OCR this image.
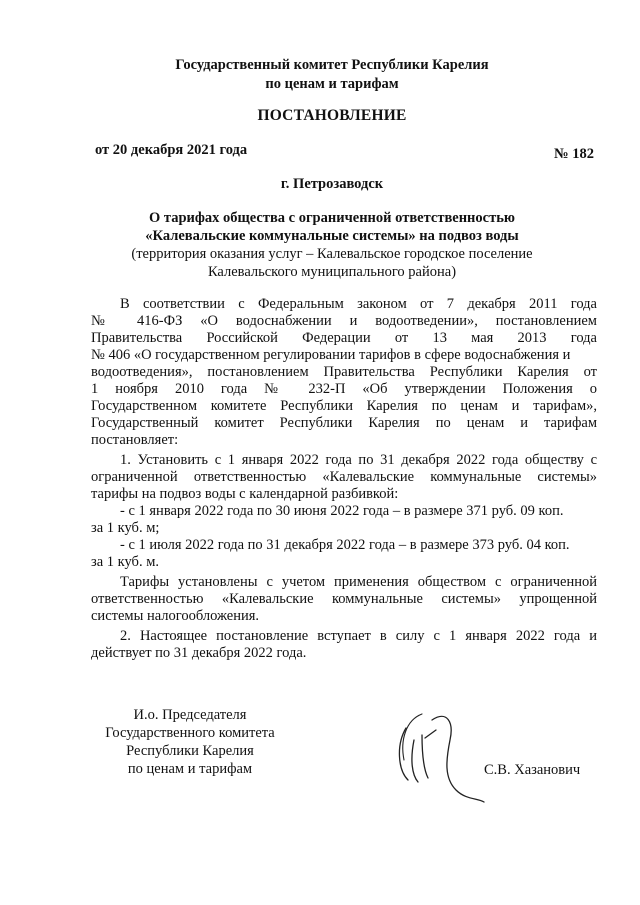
Государственный комитет Республики Карелия
по ценам и тарифам
ПОСТАНОВЛЕНИЕ
от 20 декабря 2021 года	№ 182
г. Петрозаводск
О тарифах общества с ограниченной ответственностью
«Калевальские коммунальные системы» на подвоз воды
(территория оказания услуг – Калевальское городское поселение
Калевальского муниципального района)
В соответствии с Федеральным законом от 7 декабря 2011 года
№ 416-ФЗ «О водоснабжении и водоотведении», постановлением
Правительства Российской Федерации от 13 мая 2013 года
№ 406 «О государственном регулировании тарифов в сфере водоснабжения и
водоотведения», постановлением Правительства Республики Карелия от
1 ноября 2010 года № 232-П «Об утверждении Положения о
Государственном комитете Республики Карелия по ценам и тарифам»,
Государственный комитет Республики Карелия по ценам и тарифам
постановляет:
1. Установить с 1 января 2022 года по 31 декабря 2022 года обществу с
ограниченной ответственностью «Калевальские коммунальные системы»
тарифы на подвоз воды с календарной разбивкой:
- с 1 января 2022 года по 30 июня 2022 года – в размере 371 руб. 09 коп.
за 1 куб. м;
- с 1 июля 2022 года по 31 декабря 2022 года – в размере 373 руб. 04 коп.
за 1 куб. м.
Тарифы установлены с учетом применения обществом с ограниченной
ответственностью «Калевальские коммунальные системы» упрощенной
системы налогообложения.
2. Настоящее постановление вступает в силу с 1 января 2022 года и
действует по 31 декабря 2022 года.
И.о. Председателя
Государственного комитета
Республики Карелия
по ценам и тарифам	С.В. Хазанович
